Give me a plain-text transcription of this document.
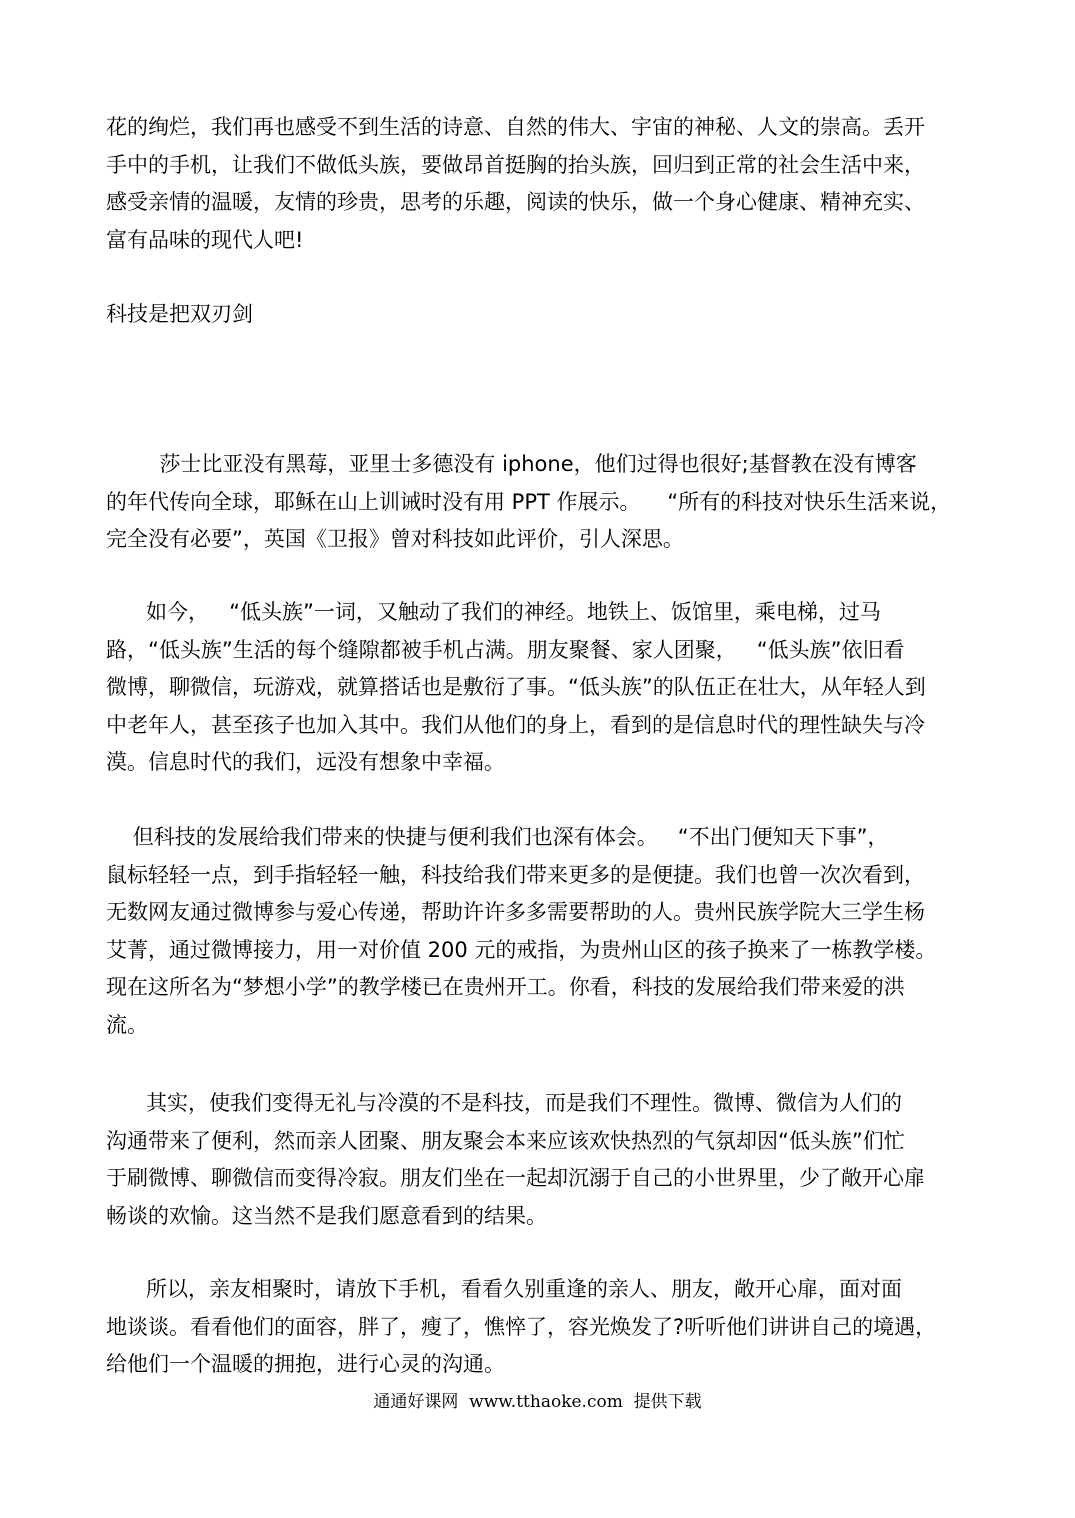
花的绚烂，我们再也感受不到生活的诗意、自然的伟大、宇宙的神秘、人文的崇高。丢开
手中的手机，让我们不做低头族，要做昂首挺胸的抬头族，回归到正常的社会生活中来，
感受亲情的温暖，友情的珍贵，思考的乐趣，阅读的快乐，做一个身心健康、精神充实、
富有品味的现代人吧!
科技是把双刃剑
莎士比亚没有黑莓，亚里士多德没有 iphone，他们过得也很好;基督教在没有博客
的年代传向全球，耶稣在山上训诫时没有用 PPT 作展示。    “所有的科技对快乐生活来说，
完全没有必要”，英国《卫报》曾对科技如此评价，引人深思。
如今，   “低头族”一词，又触动了我们的神经。地铁上、饭馆里，乘电梯，过马
路，“低头族”生活的每个缝隙都被手机占满。朋友聚餐、家人团聚，   “低头族”依旧看
微博，聊微信，玩游戏，就算搭话也是敷衍了事。“低头族”的队伍正在壮大，从年轻人到
中老年人，甚至孩子也加入其中。我们从他们的身上，看到的是信息时代的理性缺失与冷
漠。信息时代的我们，远没有想象中幸福。
但科技的发展给我们带来的快捷与便利我们也深有体会。   “不出门便知天下事”，
鼠标轻轻一点，到手指轻轻一触，科技给我们带来更多的是便捷。我们也曾一次次看到，
无数网友通过微博参与爱心传递，帮助许许多多需要帮助的人。贵州民族学院大三学生杨
艾菁，通过微博接力，用一对价值 200 元的戒指，为贵州山区的孩子换来了一栋教学楼。
现在这所名为“梦想小学”的教学楼已在贵州开工。你看，科技的发展给我们带来爱的洪
流。
其实，使我们变得无礼与冷漠的不是科技，而是我们不理性。微博、微信为人们的
沟通带来了便利，然而亲人团聚、朋友聚会本来应该欢快热烈的气氛却因“低头族”们忙
于刷微博、聊微信而变得冷寂。朋友们坐在一起却沉溺于自己的小世界里，少了敞开心扉
畅谈的欢愉。这当然不是我们愿意看到的结果。
所以，亲友相聚时，请放下手机，看看久别重逢的亲人、朋友，敞开心扉，面对面
地谈谈。看看他们的面容，胖了，瘦了，憔悴了，容光焕发了?听听他们讲讲自己的境遇，
给他们一个温暖的拥抱，进行心灵的沟通。
通通好课网  www.tthaoke.com  提供下载
